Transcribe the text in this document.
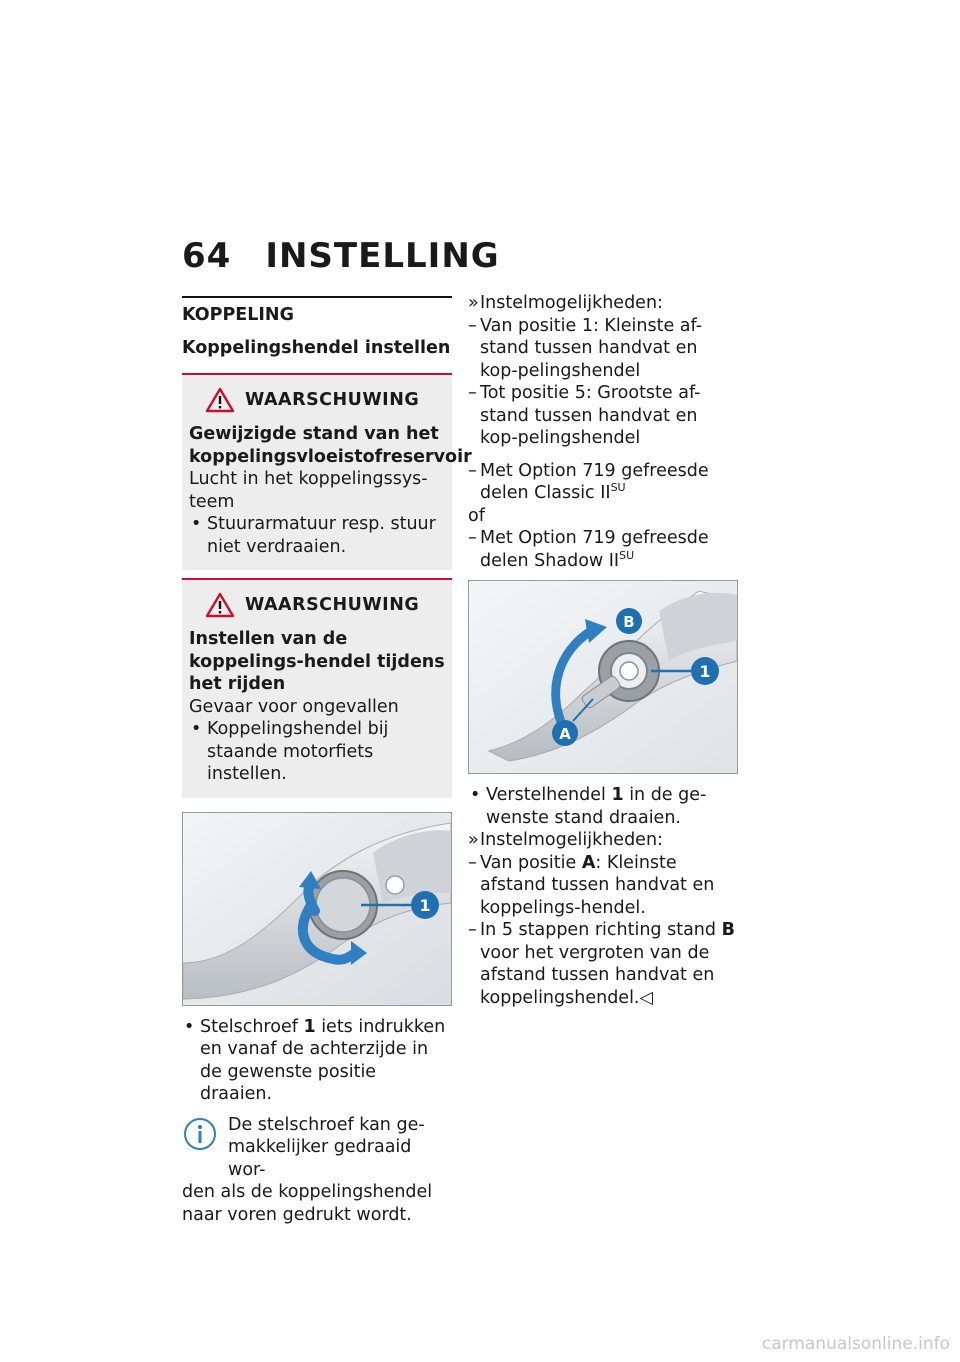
64 INSTELLING
KOPPELING
Koppelingshendel instellen
WAARSCHUWING
Gewijzigde stand van het koppelingsvloeistofreservoir
Lucht in het koppelingssys-teem
• Stuurarmatuur resp. stuur niet verdraaien.
WAARSCHUWING
Instellen van de koppelings-hendel tijdens het rijden
Gevaar voor ongevallen
• Koppelingshendel bij staande motorfiets instellen.
1
• Stelschroef 1 iets indrukken en vanaf de achterzijde in de gewenste positie draaien.
De stelschroef kan ge-
makkelijker gedraaid wor-
den als de koppelingshendel naar voren gedrukt wordt.
» Instelmogelijkheden:
– Van positie 1: Kleinste af-stand tussen handvat en kop-pelingshendel
– Tot positie 5: Grootste af-stand tussen handvat en kop-pelingshendel
– Met Option 719 gefreesde delen Classic $II^{SU}$
of
– Met Option 719 gefreesde delen Shadow $II^{SU}$
1
B
A
• Verstelhendel 1 in de ge-wenste stand draaien.
» Instelmogelijkheden:
– Van positie A: Kleinste afstand tussen handvat en koppelings-hendel.
– In 5 stappen richting stand B voor het vergroten van de afstand tussen handvat en koppelingshendel.◁
carmanualsonline.info
